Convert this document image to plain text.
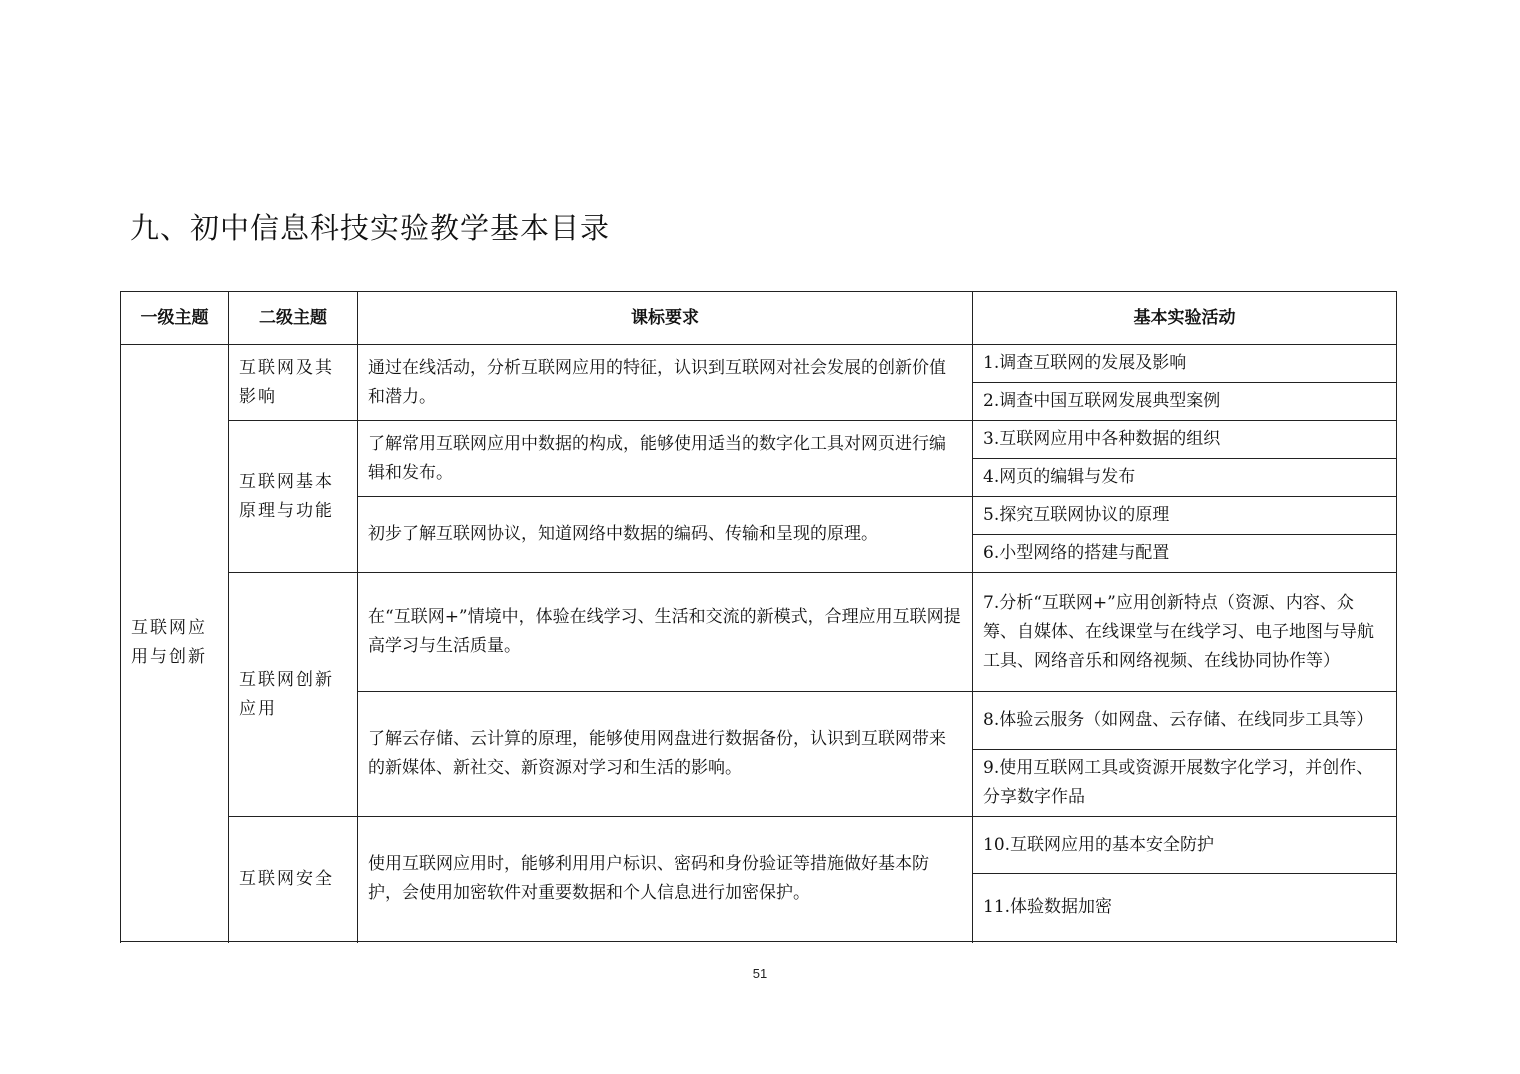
九、初中信息科技实验教学基本目录
一级主题	二级主题	课标要求	基本实验活动
互联网应用与创新	互联网及其影响	通过在线活动，分析互联网应用的特征，认识到互联网对社会发展的创新价值和潜力。	1.调查互联网的发展及影响
			2.调查中国互联网发展典型案例
	互联网基本原理与功能	了解常用互联网应用中数据的构成，能够使用适当的数字化工具对网页进行编辑和发布。	3.互联网应用中各种数据的组织
			4.网页的编辑与发布
		初步了解互联网协议，知道网络中数据的编码、传输和呈现的原理。	5.探究互联网协议的原理
			6.小型网络的搭建与配置
	互联网创新应用	在“互联网+”情境中，体验在线学习、生活和交流的新模式，合理应用互联网提高学习与生活质量。	7.分析“互联网+”应用创新特点（资源、内容、众筹、自媒体、在线课堂与在线学习、电子地图与导航工具、网络音乐和网络视频、在线协同协作等）
		了解云存储、云计算的原理，能够使用网盘进行数据备份，认识到互联网带来的新媒体、新社交、新资源对学习和生活的影响。	8.体验云服务（如网盘、云存储、在线同步工具等）
			9.使用互联网工具或资源开展数字化学习，并创作、分享数字作品
	互联网安全	使用互联网应用时，能够利用用户标识、密码和身份验证等措施做好基本防护，会使用加密软件对重要数据和个人信息进行加密保护。	10.互联网应用的基本安全防护
			11.体验数据加密

51
